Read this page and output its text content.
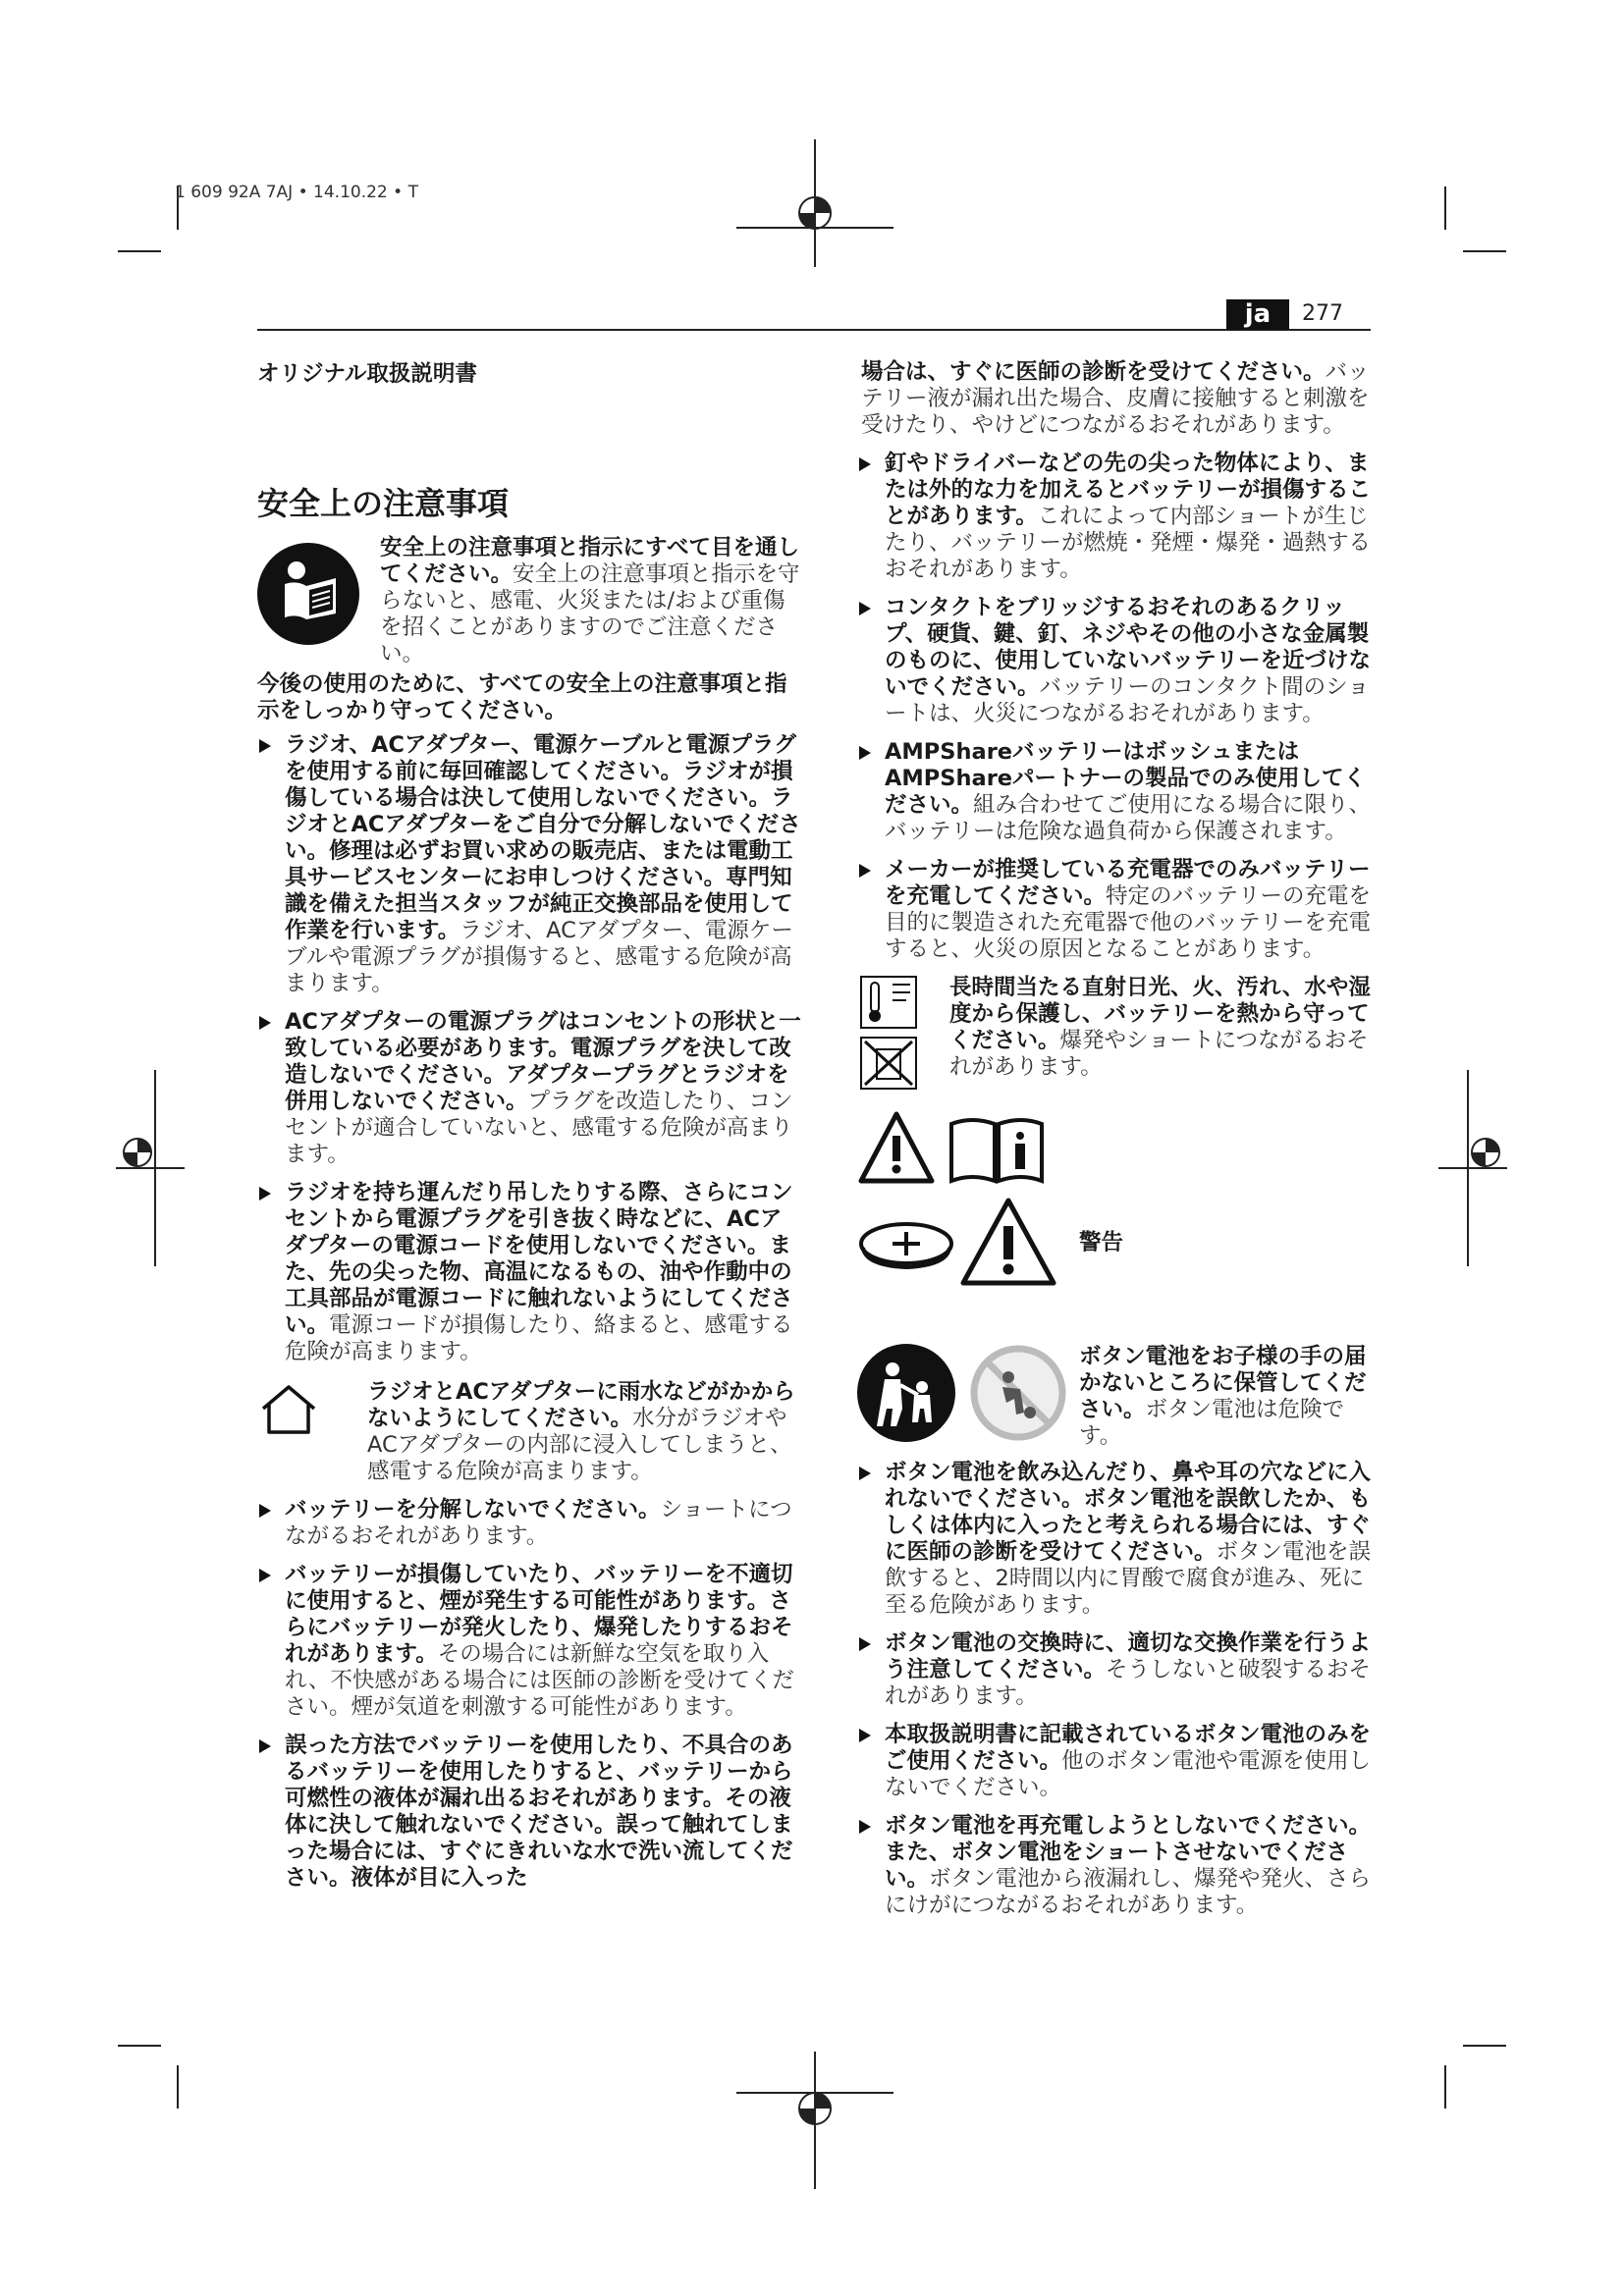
1 609 92A 7AJ • 14.10.22 • T
ja	277

オリジナル取扱説明書

安全上の注意事項

安全上の注意事項と指示にすべて目を通してください。安全上の注意事項と指示を守らないと、感電、火災または/および重傷を招くことがありますのでご注意ください。

今後の使用のために、すべての安全上の注意事項と指示をしっかり守ってください。

ラジオ、ACアダプター、電源ケーブルと電源プラグを使用する前に毎回確認してください。ラジオが損傷している場合は決して使用しないでください。ラジオとACアダプターをご自分で分解しないでください。修理は必ずお買い求めの販売店、または電動工具サービスセンターにお申しつけください。専門知識を備えた担当スタッフが純正交換部品を使用して作業を行います。ラジオ、ACアダプター、電源ケーブルや電源プラグが損傷すると、感電する危険が高まります。
ACアダプターの電源プラグはコンセントの形状と一致している必要があります。電源プラグを決して改造しないでください。アダプタープラグとラジオを併用しないでください。プラグを改造したり、コンセントが適合していないと、感電する危険が高まります。
ラジオを持ち運んだり吊したりする際、さらにコンセントから電源プラグを引き抜く時などに、ACアダプターの電源コードを使用しないでください。また、先の尖った物、高温になるもの、油や作動中の工具部品が電源コードに触れないようにしてください。電源コードが損傷したり、絡まると、感電する危険が高まります。

ラジオとACアダプターに雨水などがかからないようにしてください。水分がラジオやACアダプターの内部に浸入してしまうと、感電する危険が高まります。

バッテリーを分解しないでください。ショートにつながるおそれがあります。
バッテリーが損傷していたり、バッテリーを不適切に使用すると、煙が発生する可能性があります。さらにバッテリーが発火したり、爆発したりするおそれがあります。その場合には新鮮な空気を取り入れ、不快感がある場合には医師の診断を受けてください。煙が気道を刺激する可能性があります。
誤った方法でバッテリーを使用したり、不具合のあるバッテリーを使用したりすると、バッテリーから可燃性の液体が漏れ出るおそれがあります。その液体に決して触れないでください。誤って触れてしまった場合には、すぐにきれいな水で洗い流してください。液体が目に入った

場合は、すぐに医師の診断を受けてください。バッテリー液が漏れ出た場合、皮膚に接触すると刺激を受けたり、やけどにつながるおそれがあります。

釘やドライバーなどの先の尖った物体により、または外的な力を加えるとバッテリーが損傷することがあります。これによって内部ショートが生じたり、バッテリーが燃焼・発煙・爆発・過熱するおそれがあります。
コンタクトをブリッジするおそれのあるクリップ、硬貨、鍵、釘、ネジやその他の小さな金属製のものに、使用していないバッテリーを近づけないでください。バッテリーのコンタクト間のショートは、火災につながるおそれがあります。
AMPShareバッテリーはボッシュまたはAMPShareパートナーの製品でのみ使用してください。組み合わせてご使用になる場合に限り、バッテリーは危険な過負荷から保護されます。
メーカーが推奨している充電器でのみバッテリーを充電してください。特定のバッテリーの充電を目的に製造された充電器で他のバッテリーを充電すると、火災の原因となることがあります。

長時間当たる直射日光、火、汚れ、水や湿度から保護し、バッテリーを熱から守ってください。爆発やショートにつながるおそれがあります。

警告

ボタン電池をお子様の手の届かないところに保管してください。ボタン電池は危険です。

ボタン電池を飲み込んだり、鼻や耳の穴などに入れないでください。ボタン電池を誤飲したか、もしくは体内に入ったと考えられる場合には、すぐに医師の診断を受けてください。ボタン電池を誤飲すると、2時間以内に胃酸で腐食が進み、死に至る危険があります。
ボタン電池の交換時に、適切な交換作業を行うよう注意してください。そうしないと破裂するおそれがあります。
本取扱説明書に記載されているボタン電池のみをご使用ください。他のボタン電池や電源を使用しないでください。
ボタン電池を再充電しようとしないでください。また、ボタン電池をショートさせないでください。ボタン電池から液漏れし、爆発や発火、さらにけがにつながるおそれがあります。
